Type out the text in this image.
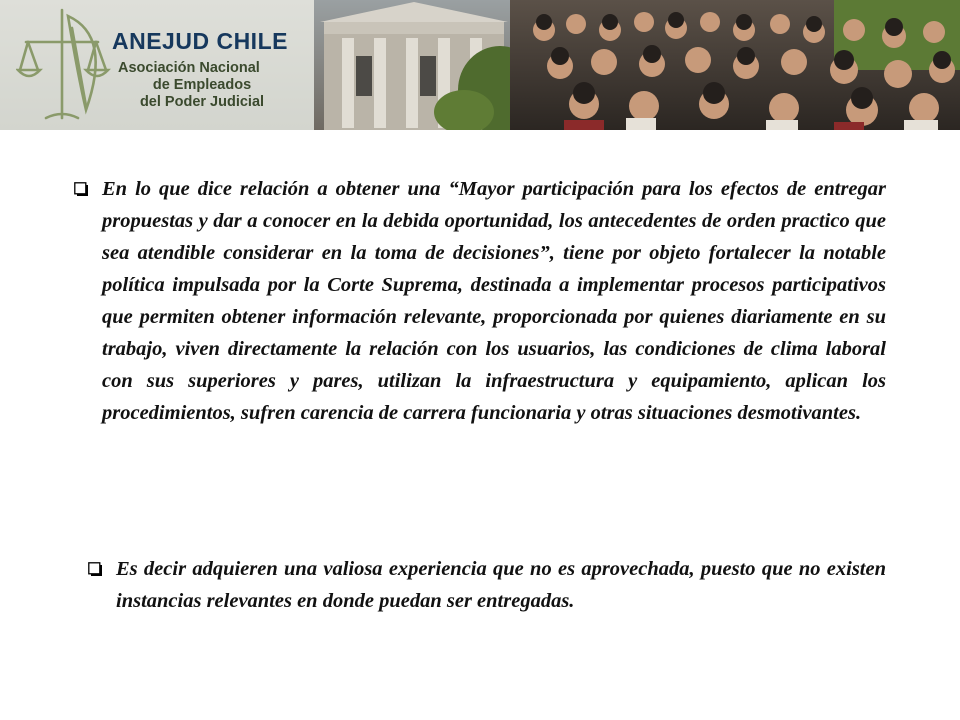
ANEJUD CHILE
Asociación Nacional
de Empleados
del Poder Judicial

En lo que dice relación a obtener una “Mayor participación para los efectos de entregar propuestas y dar a conocer en la debida oportunidad, los antecedentes de orden practico que sea atendible considerar en la toma de decisiones”, tiene por objeto fortalecer la notable política impulsada por la Corte Suprema, destinada a implementar procesos participativos que permiten obtener información relevante, proporcionada por quienes diariamente en su trabajo, viven directamente la relación con los usuarios, las condiciones de clima laboral con sus superiores y pares, utilizan la infraestructura y equipamiento, aplican los procedimientos, sufren carencia de carrera funcionaria y otras situaciones desmotivantes.

Es decir adquieren una valiosa experiencia que no es aprovechada, puesto que no existen instancias relevantes en donde puedan ser entregadas.
